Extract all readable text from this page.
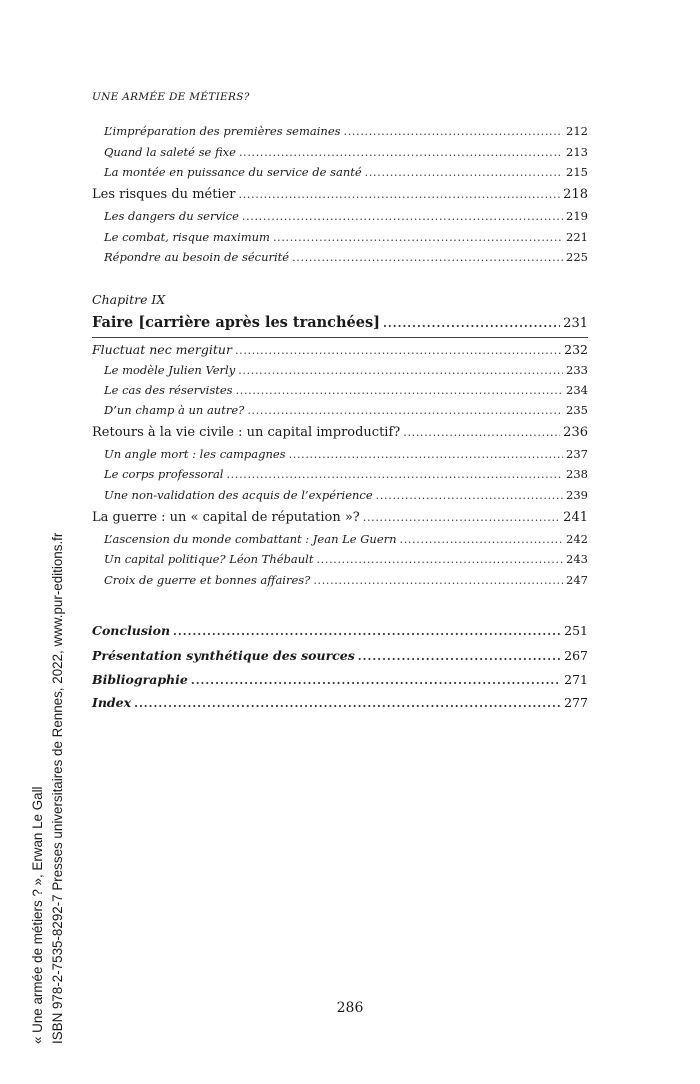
UNE ARMÉE DE MÉTIERS?
L’impréparation des premières semaines . . .	212
Quand la saleté se fixe . . .	213
La montée en puissance du service de santé . . .	215
Les risques du métier . . .	218
Les dangers du service . . .	219
Le combat, risque maximum . . .	221
Répondre au besoin de sécurité . . .	225
Chapitre IX
Faire [carrière après les tranchées] . . .	231
Fluctuat nec mergitur . . .	232
Le modèle Julien Verly . . .	233
Le cas des réservistes . . .	234
D’un champ à un autre? . . .	235
Retours à la vie civile : un capital improductif? . . .	236
Un angle mort : les campagnes . . .	237
Le corps professoral . . .	238
Une non-validation des acquis de l’expérience . . .	239
La guerre : un « capital de réputation »? . . .	241
L’ascension du monde combattant : Jean Le Guern . . .	242
Un capital politique? Léon Thébault . . .	243
Croix de guerre et bonnes affaires? . . .	247
Conclusion . . .	251
Présentation synthétique des sources . . .	267
Bibliographie . . .	271
Index . . .	277
« Une armée de métiers ? », Erwan Le Gall ISBN 978-2-7535-8292-7 Presses universitaires de Rennes, 2022, www.pur-editions.fr	286
